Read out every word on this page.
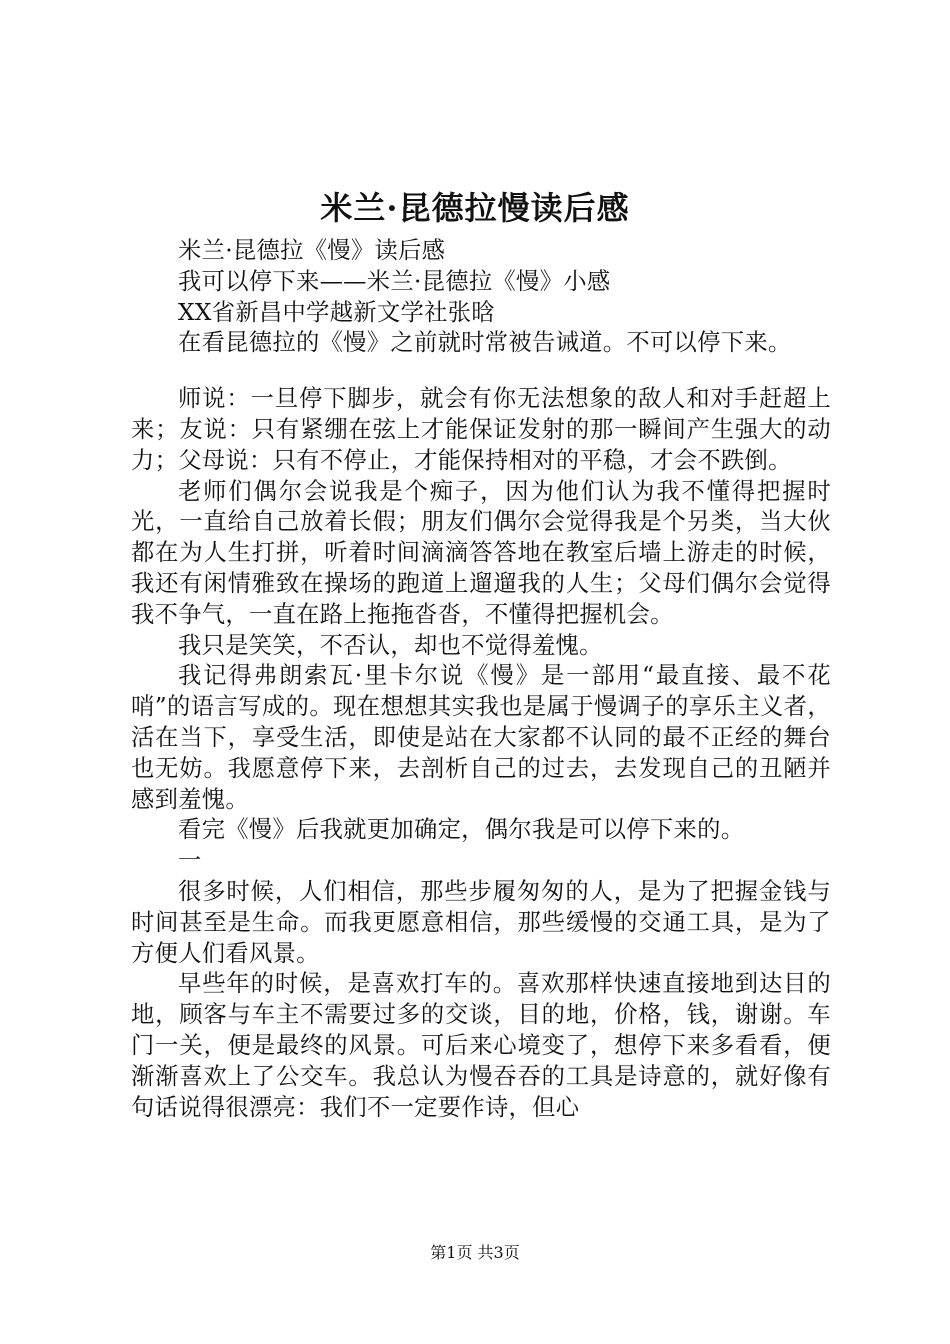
米兰·昆德拉慢读后感

米兰·昆德拉《慢》读后感

我可以停下来——米兰·昆德拉《慢》小感

XX省新昌中学越新文学社张晗

在看昆德拉的《慢》之前就时常被告诫道。不可以停下来。

师说：一旦停下脚步，就会有你无法想象的敌人和对手赶超上来；友说：只有紧绷在弦上才能保证发射的那一瞬间产生强大的动力；父母说：只有不停止，才能保持相对的平稳，才会不跌倒。

老师们偶尔会说我是个痴子，因为他们认为我不懂得把握时光，一直给自己放着长假；朋友们偶尔会觉得我是个另类，当大伙都在为人生打拼，听着时间滴滴答答地在教室后墙上游走的时候，我还有闲情雅致在操场的跑道上遛遛我的人生；父母们偶尔会觉得我不争气，一直在路上拖拖沓沓，不懂得把握机会。

我只是笑笑，不否认，却也不觉得羞愧。

我记得弗朗索瓦·里卡尔说《慢》是一部用“最直接、最不花哨”的语言写成的。现在想想其实我也是属于慢调子的享乐主义者，活在当下，享受生活，即使是站在大家都不认同的最不正经的舞台也无妨。我愿意停下来，去剖析自己的过去，去发现自己的丑陋并感到羞愧。

看完《慢》后我就更加确定，偶尔我是可以停下来的。

一

很多时候，人们相信，那些步履匆匆的人，是为了把握金钱与时间甚至是生命。而我更愿意相信，那些缓慢的交通工具，是为了方便人们看风景。

早些年的时候，是喜欢打车的。喜欢那样快速直接地到达目的地，顾客与车主不需要过多的交谈，目的地，价格，钱，谢谢。车门一关，便是最终的风景。可后来心境变了，想停下来多看看，便渐渐喜欢上了公交车。我总认为慢吞吞的工具是诗意的，就好像有句话说得很漂亮：我们不一定要作诗，但心

第1页 共3页
